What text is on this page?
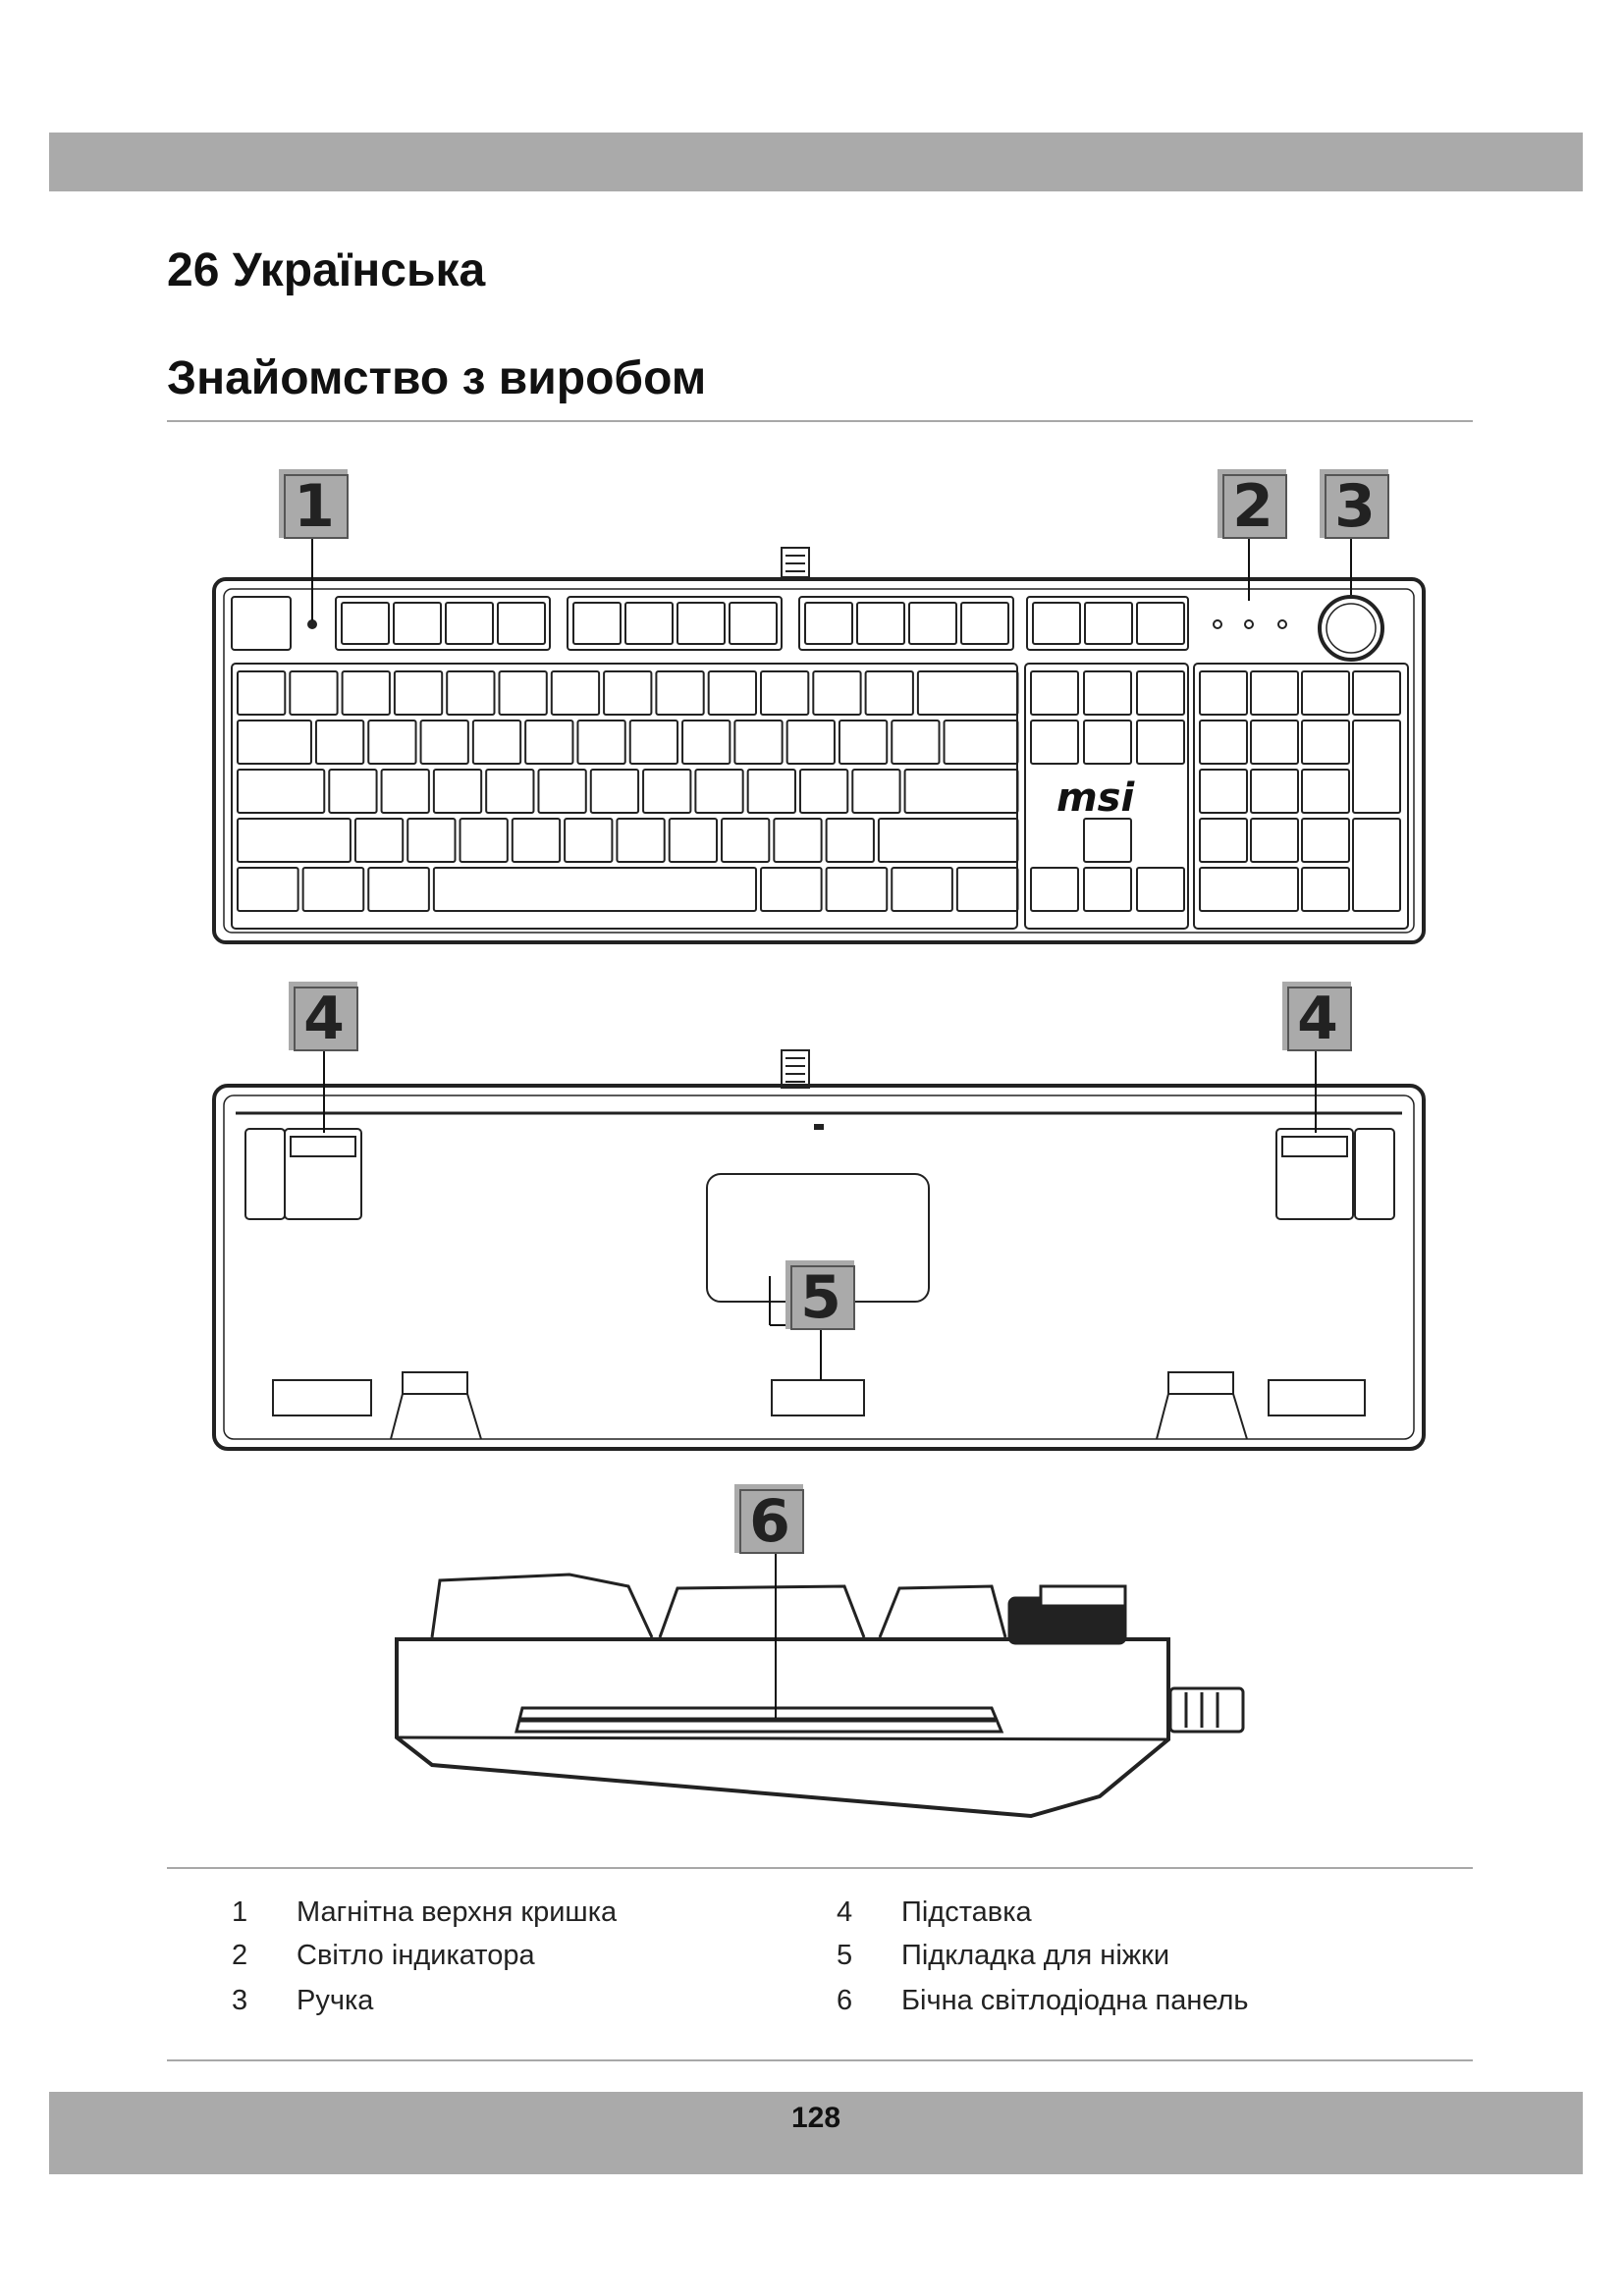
26 Українська
Знайомство з виробом
msi
1	2 3
4	4
5
6
1 Магнітна верхня кришка
2 Світло індикатора
3 Ручка
4 Підставка
5 Підкладка для ніжки
6 Бічна світлодіодна панель
128
